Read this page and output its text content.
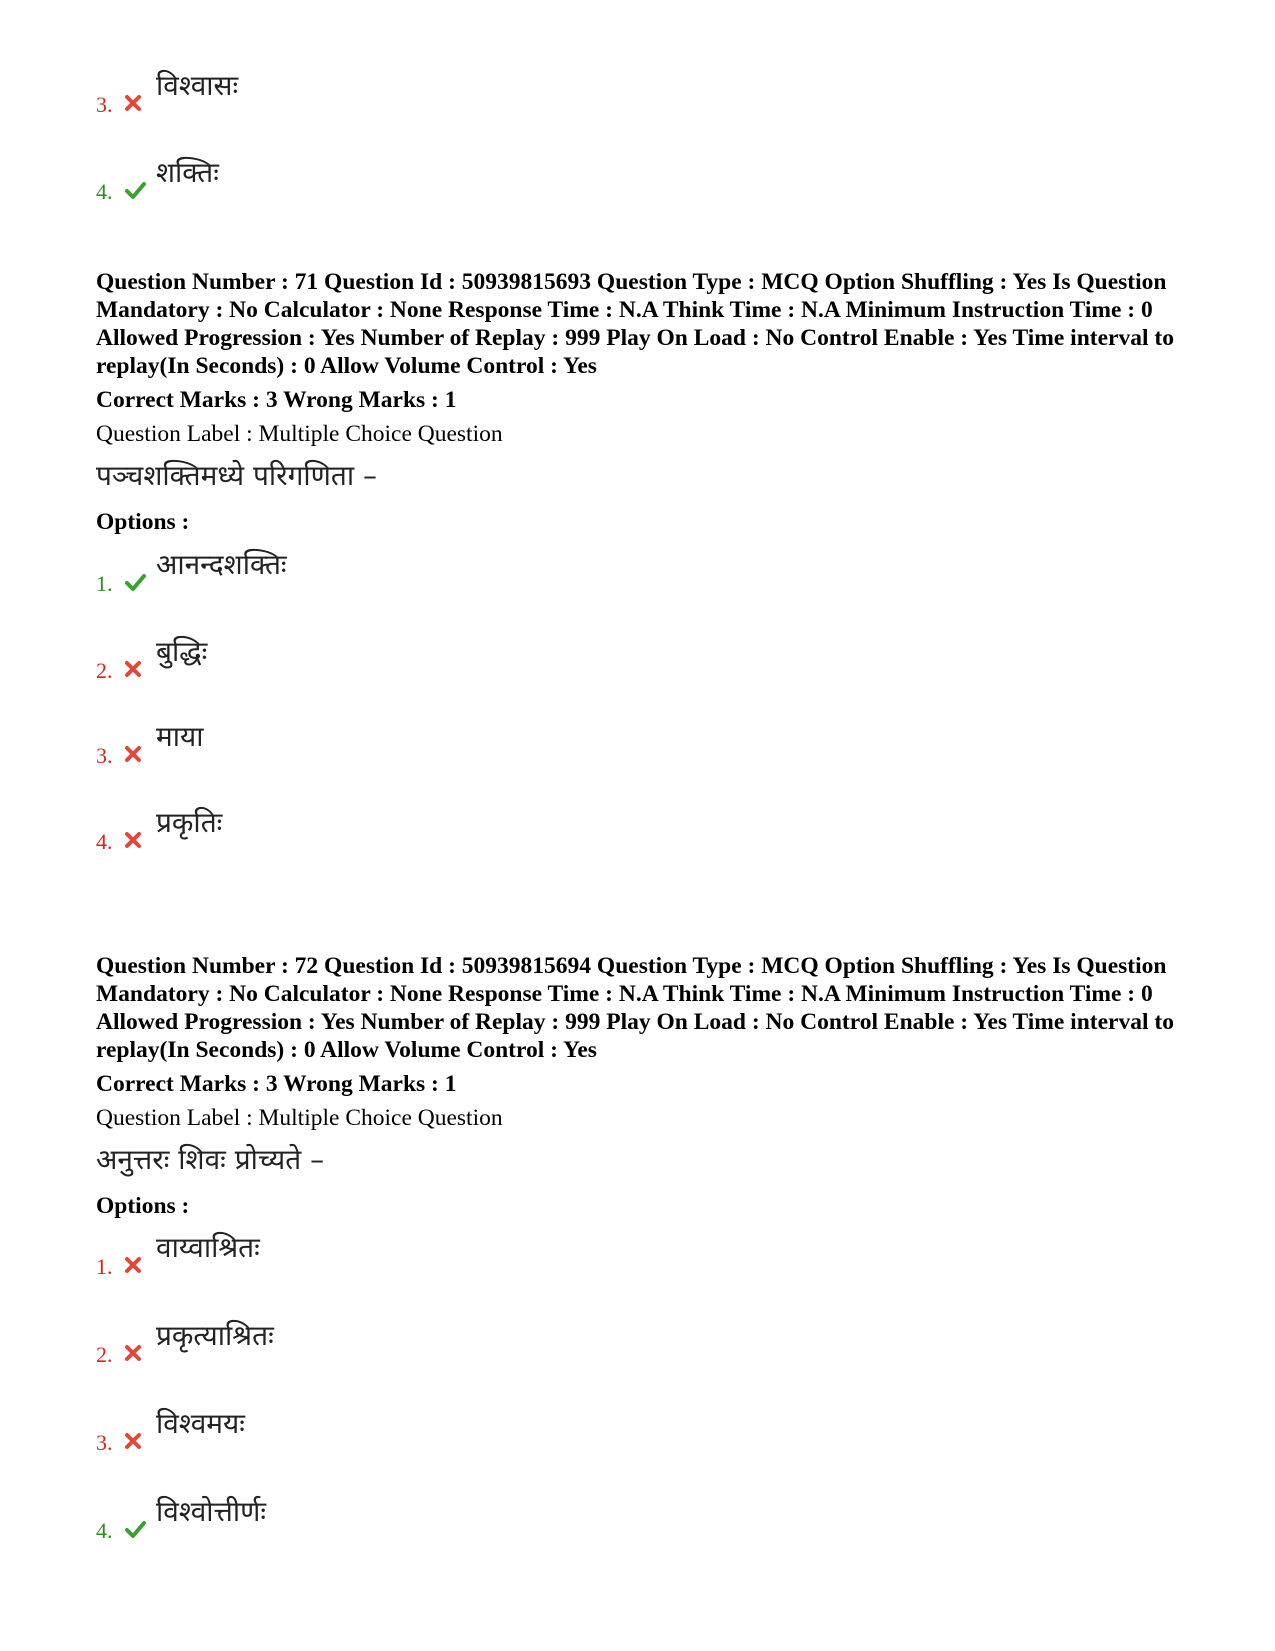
3.
विश्वासः
4.
शक्तिः

Question Number : 71 Question Id : 50939815693 Question Type : MCQ Option Shuffling : Yes Is Question Mandatory : No Calculator : None Response Time : N.A Think Time : N.A Minimum Instruction Time : 0 Allowed Progression : Yes Number of Replay : 999 Play On Load : No Control Enable : Yes Time interval to replay(In Seconds) : 0 Allow Volume Control : Yes

Correct Marks : 3 Wrong Marks : 1

Question Label : Multiple Choice Question

पञ्चशक्तिमध्ये परिगणिता –

Options :

1.
आनन्दशक्तिः
2.
बुद्धिः
3.
माया
4.
प्रकृतिः

Question Number : 72 Question Id : 50939815694 Question Type : MCQ Option Shuffling : Yes Is Question Mandatory : No Calculator : None Response Time : N.A Think Time : N.A Minimum Instruction Time : 0 Allowed Progression : Yes Number of Replay : 999 Play On Load : No Control Enable : Yes Time interval to replay(In Seconds) : 0 Allow Volume Control : Yes

Correct Marks : 3 Wrong Marks : 1

Question Label : Multiple Choice Question

अनुत्तरः शिवः प्रोच्यते –

Options :

1.
वाय्वाश्रितः
2.
प्रकृत्याश्रितः
3.
विश्वमयः
4.
विश्वोत्तीर्णः
